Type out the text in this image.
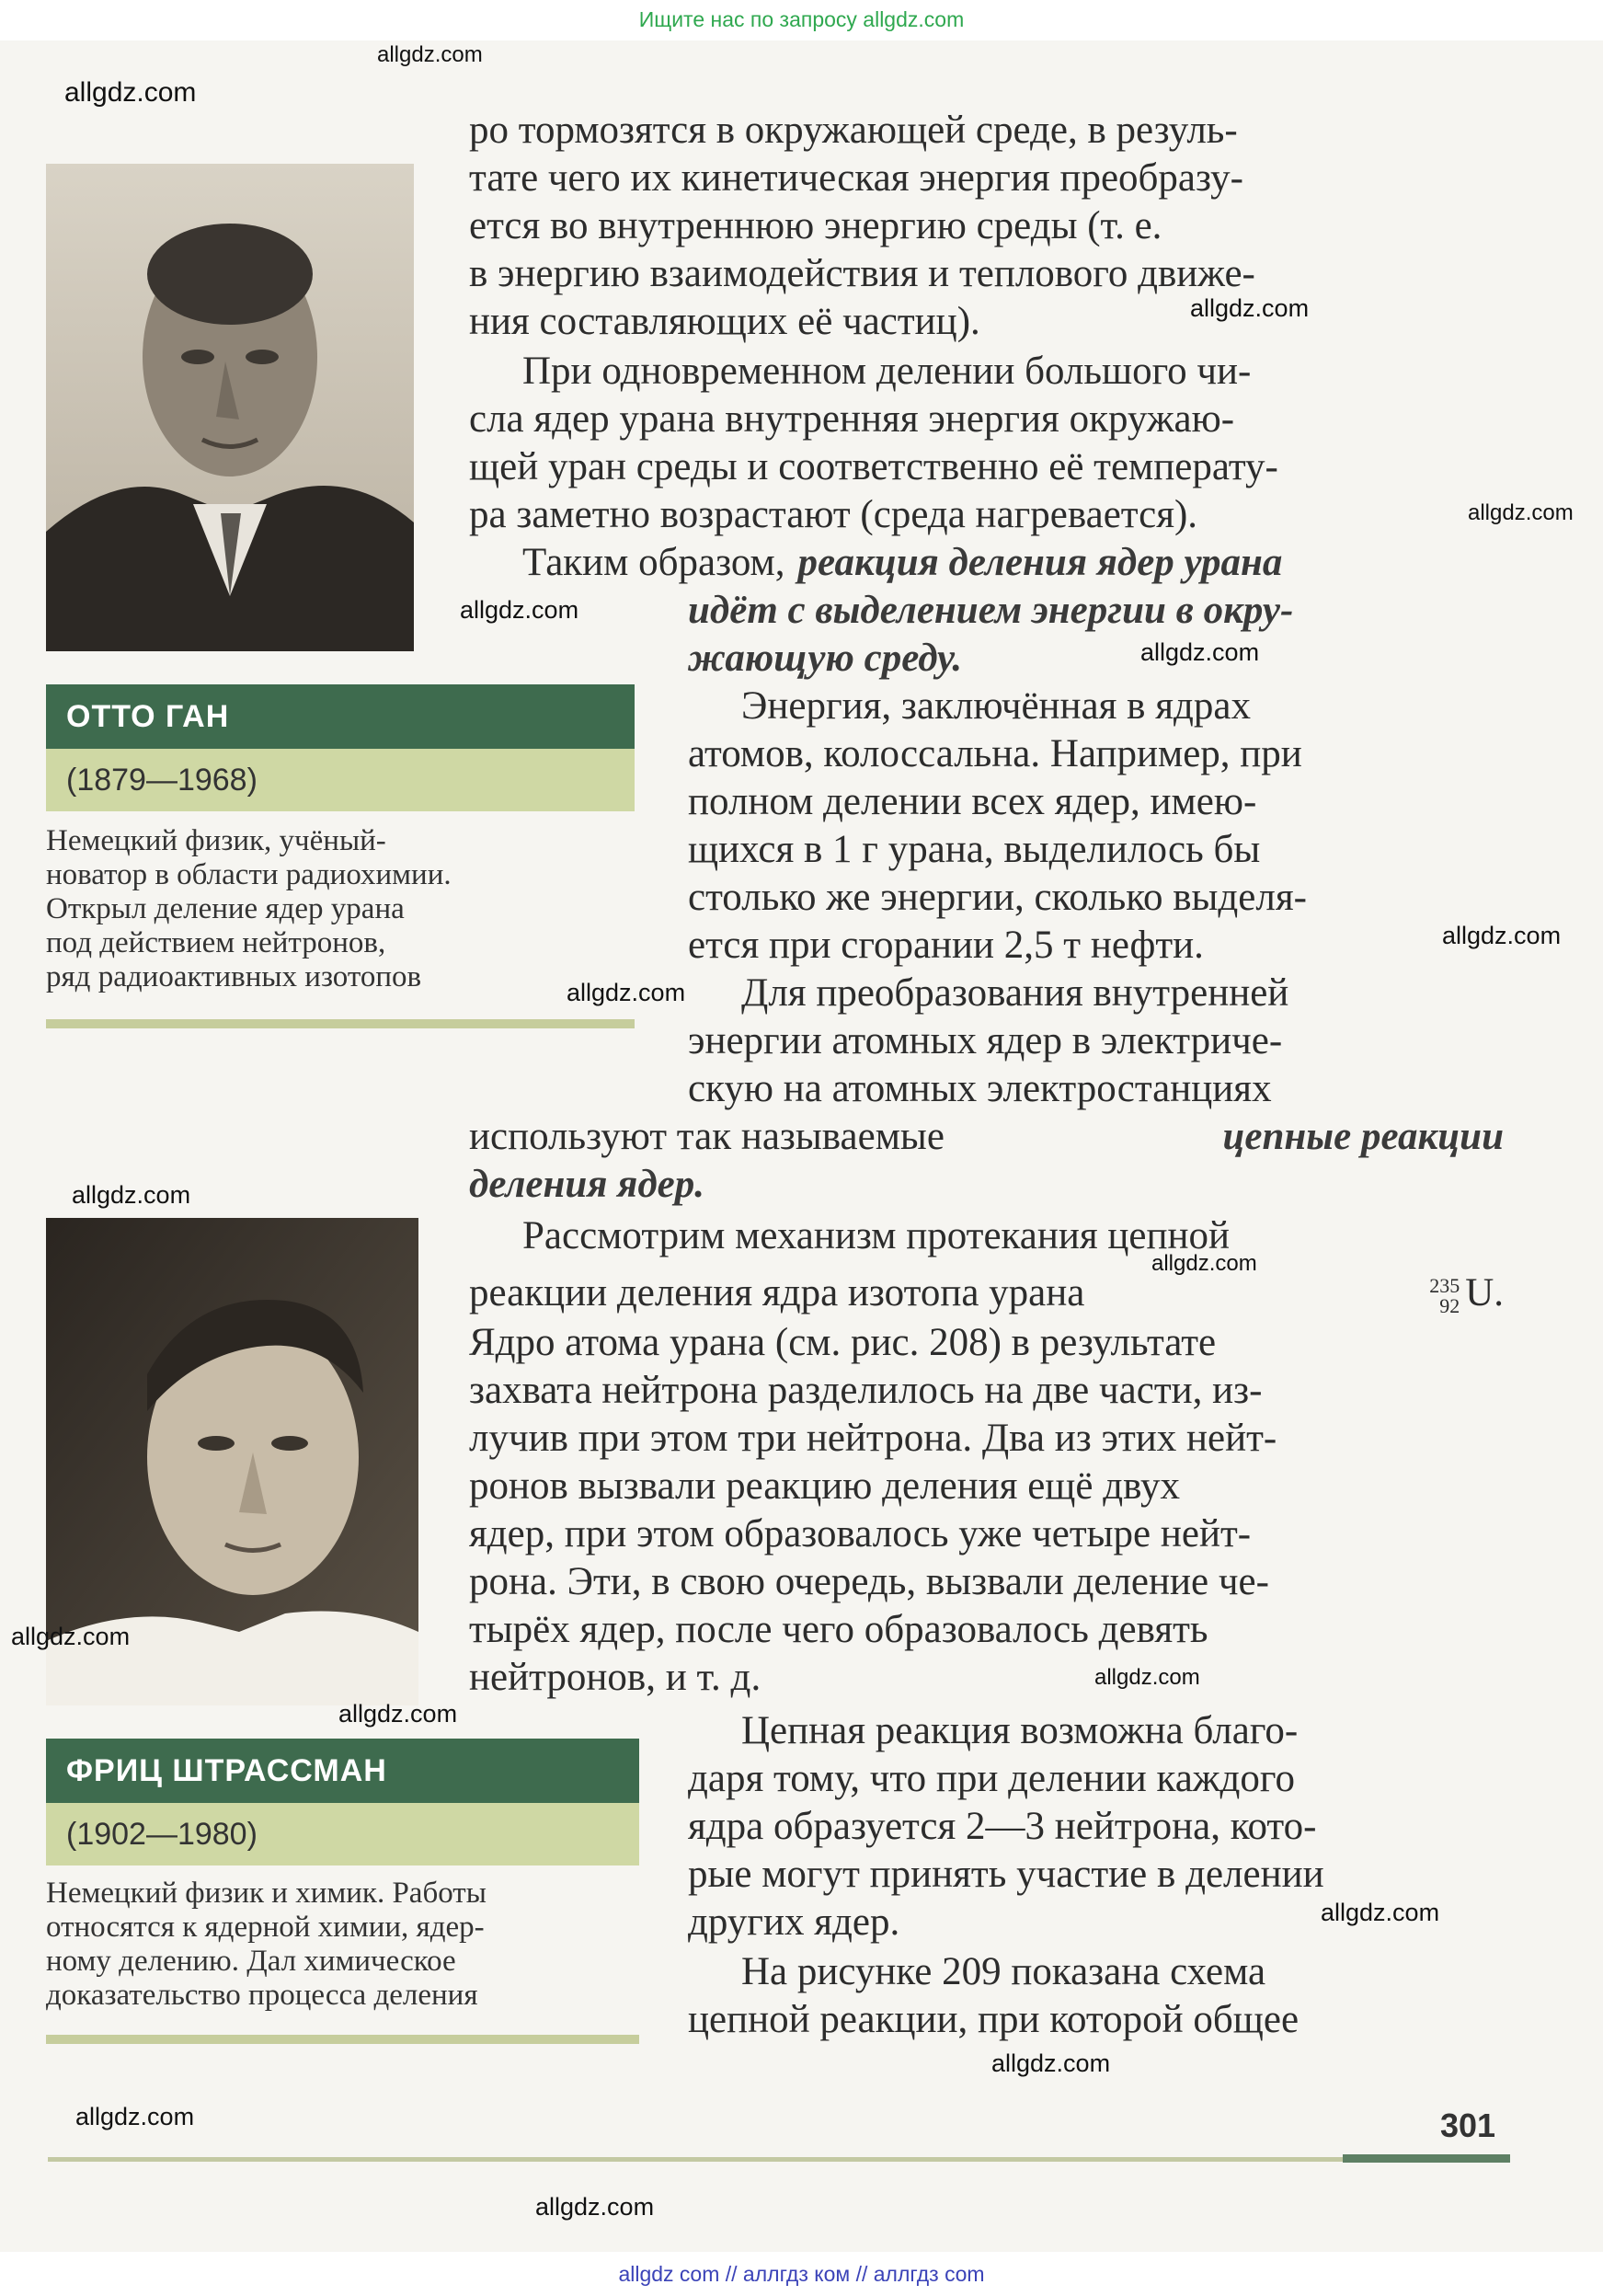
Ищите нас по запросу allgdz.com
allgdz com // аллгдз ком // аллгдз com
ОТТО ГАН
(1879—1968)
Немецкий физик, учёный-
новатор в области радиохимии.
Открыл деление ядер урана
под действием нейтронов,
ряд радиоактивных изотопов
ФРИЦ ШТРАССМАН
(1902—1980)
Немецкий физик и химик. Работы
относятся к ядерной химии, ядер-
ному делению. Дал химическое
доказательство процесса деления
ро тормозятся в окружающей среде, в резуль-
тате чего их кинетическая энергия преобразу-
ется во внутреннюю энергию среды (т. е.
в энергию взаимодействия и теплового движе-
ния составляющих её частиц).
При одновременном делении большого чи-
сла ядер урана внутренняя энергия окружаю-
щей уран среды и соответственно её температу-
ра заметно возрастают (среда нагревается).
Таким образом, реакция деления ядер урана
идёт с выделением энергии в окру-
жающую среду.
Энергия, заключённая в ядрах
атомов, колоссальна. Например, при
полном делении всех ядер, имею-
щихся в 1 г урана, выделилось бы
столько же энергии, сколько выделя-
ется при сгорании 2,5 т нефти.
Для преобразования внутренней
энергии атомных ядер в электриче-
скую на атомных электростанциях
используют так называемые	цепные реакции
деления ядер.
Рассмотрим механизм протекания цепной
реакции деления ядра изотопа урана	235
92 U.
Ядро атома урана (см. рис. 208) в результате
захвата нейтрона разделилось на две части, из-
лучив при этом три нейтрона. Два из этих нейт-
ронов вызвали реакцию деления ещё двух
ядер, при этом образовалось уже четыре нейт-
рона. Эти, в свою очередь, вызвали деление че-
тырёх ядер, после чего образовалось девять
нейтронов, и т. д.
Цепная реакция возможна благо-
даря тому, что при делении каждого
ядра образуется 2—3 нейтрона, кото-
рые могут принять участие в делении
других ядер.
На рисунке 209 показана схема
цепной реакции, при которой общее
301
allgdz.com
allgdz.com
allgdz.com
allgdz.com
allgdz.com
allgdz.com
allgdz.com
allgdz.com
allgdz.com
allgdz.com
allgdz.com
allgdz.com
allgdz.com
allgdz.com
allgdz.com
allgdz.com
allgdz.com
